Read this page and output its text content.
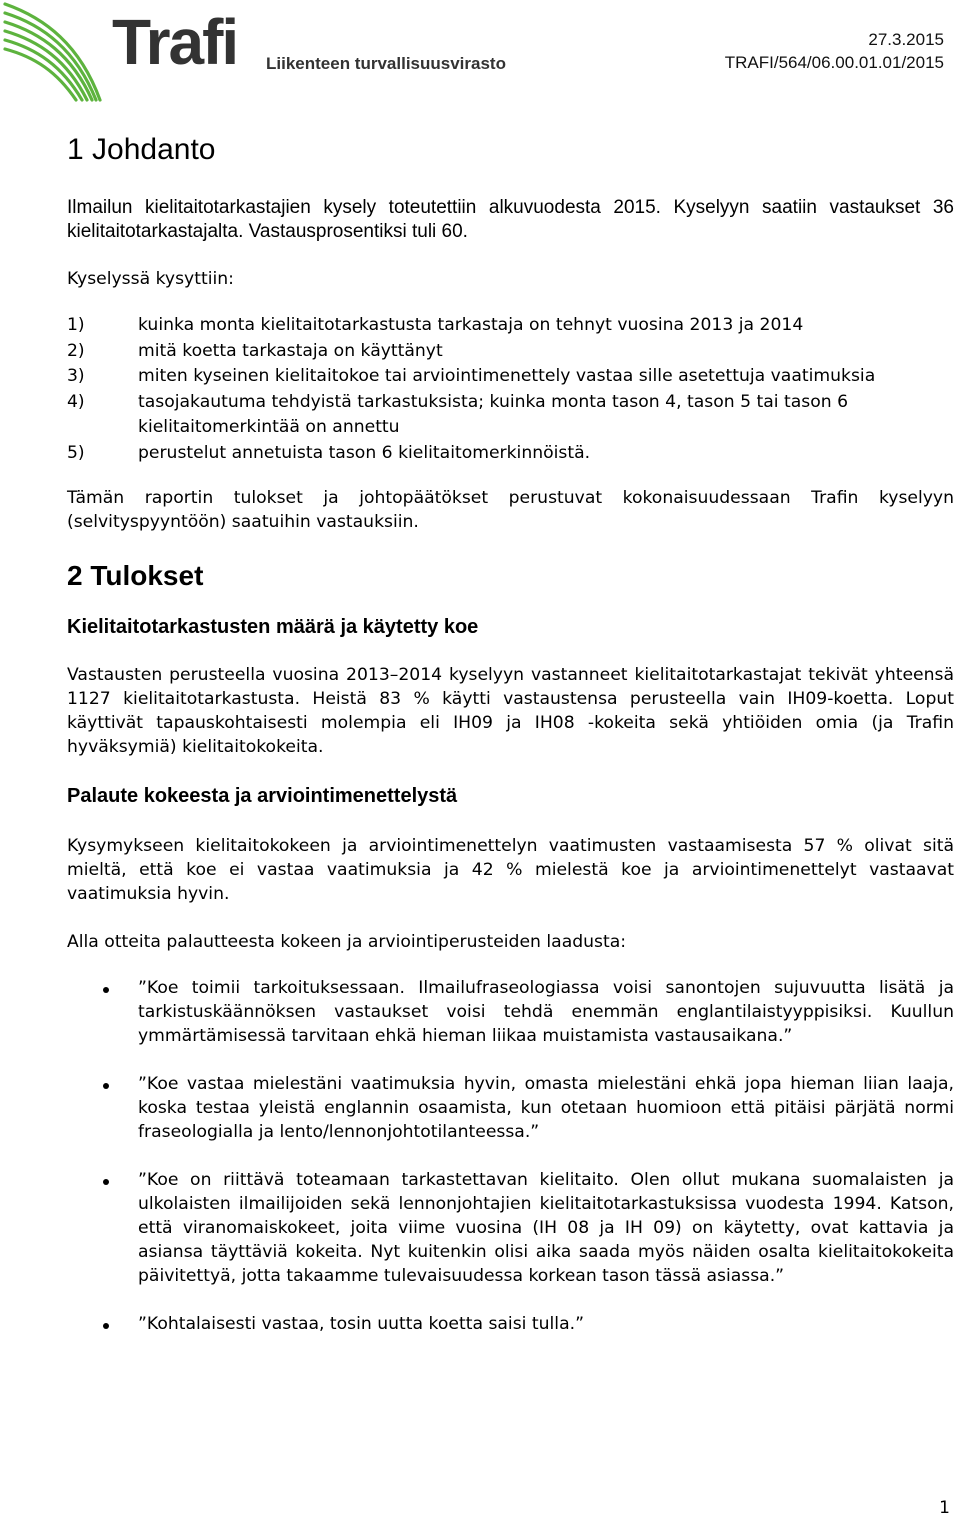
Trafi Liikenteen turvallisuusvirasto
27.3.2015
TRAFI/564/06.00.01.01/2015
1 Johdanto

Ilmailun kielitaitotarkastajien kysely toteutettiin alkuvuodesta 2015. Kyselyyn saatiin vastaukset 36 kielitaitotarkastajalta. Vastausprosentiksi tuli 60.

Kyselyssä kysyttiin:

1)	kuinka monta kielitaitotarkastusta tarkastaja on tehnyt vuosina 2013 ja 2014
2)	mitä koetta tarkastaja on käyttänyt
3)	miten kyseinen kielitaitokoe tai arviointimenettely vastaa sille asetettuja vaatimuksia
4)	tasojakautuma tehdyistä tarkastuksista; kuinka monta tason 4, tason 5 tai tason 6 kielitaitomerkintää on annettu
5)	perustelut annetuista tason 6 kielitaitomerkinnöistä.

Tämän raportin tulokset ja johtopäätökset perustuvat kokonaisuudessaan Trafin kyselyyn (selvityspyyntöön) saatuihin vastauksiin.

2 Tulokset
Kielitaitotarkastusten määrä ja käytetty koe

Vastausten perusteella vuosina 2013–2014 kyselyyn vastanneet kielitaitotarkastajat tekivät yhteensä 1127 kielitaitotarkastusta. Heistä 83 % käytti vastaustensa perusteella vain IH09-koetta. Loput käyttivät tapauskohtaisesti molempia eli IH09 ja IH08 -kokeita sekä yhtiöiden omia (ja Trafin hyväksymiä) kielitaitokokeita.

Palaute kokeesta ja arviointimenettelystä

Kysymykseen kielitaitokokeen ja arviointimenettelyn vaatimusten vastaamisesta 57 % olivat sitä mieltä, että koe ei vastaa vaatimuksia ja 42 % mielestä koe ja arviointimenettelyt vastaavat vaatimuksia hyvin.

Alla otteita palautteesta kokeen ja arviointiperusteiden laadusta:

”Koe toimii tarkoituksessaan. Ilmailufraseologiassa voisi sanontojen sujuvuutta lisätä ja tarkistuskäännöksen vastaukset voisi tehdä enemmän englantilaistyyppisiksi. Kuullun ymmärtämisessä tarvitaan ehkä hieman liikaa muistamista vastausaikana.”
”Koe vastaa mielestäni vaatimuksia hyvin, omasta mielestäni ehkä jopa hieman liian laaja, koska testaa yleistä englannin osaamista, kun otetaan huomioon että pitäisi pärjätä normi fraseologialla ja lento/lennonjohtotilanteessa.”
”Koe on riittävä toteamaan tarkastettavan kielitaito. Olen ollut mukana suomalaisten ja ulkolaisten ilmailijoiden sekä lennonjohtajien kielitaitotarkastuksissa vuodesta 1994. Katson, että viranomaiskokeet, joita viime vuosina (IH 08 ja IH 09) on käytetty, ovat kattavia ja asiansa täyttäviä kokeita. Nyt kuitenkin olisi aika saada myös näiden osalta kielitaitokokeita päivitettyä, jotta takaamme tulevaisuudessa korkean tason tässä asiassa.”
”Kohtalaisesti vastaa, tosin uutta koetta saisi tulla.”
1
